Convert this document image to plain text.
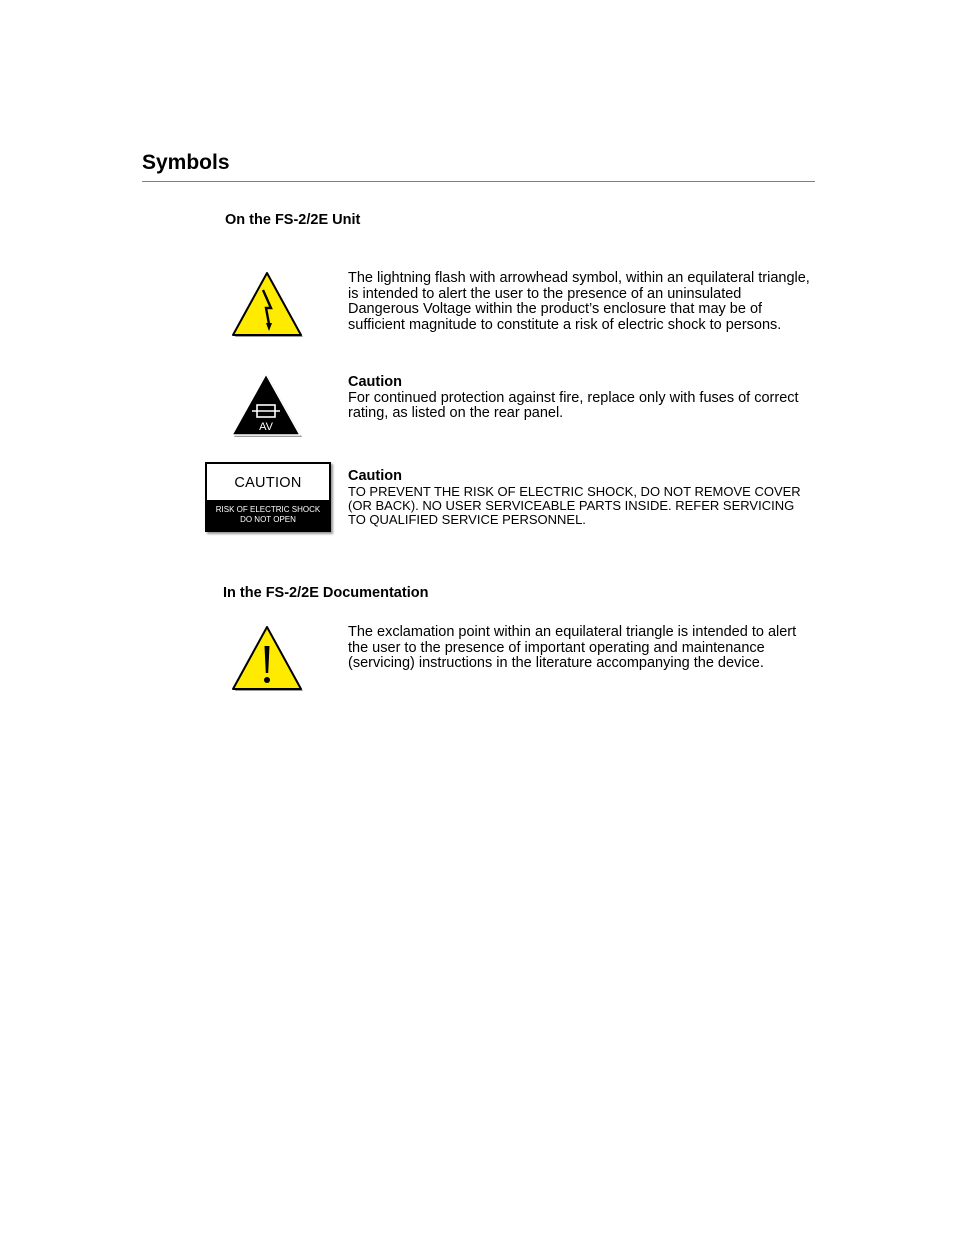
Symbols
On the FS-2/2E Unit

The lightning flash with arrowhead symbol, within an equilateral triangle, is intended to alert the user to the presence of an uninsulated Dangerous Voltage within the product’s enclosure that may be of sufficient magnitude to constitute a risk of electric shock to persons.

AV

Caution
For continued protection against fire, replace only with fuses of correct rating, as listed on the rear panel.

CAUTION
RISK OF ELECTRIC SHOCK
DO NOT OPEN

Caution
TO PREVENT THE RISK OF ELECTRIC SHOCK, DO NOT REMOVE COVER (OR BACK). NO USER SERVICEABLE PARTS INSIDE. REFER SERVICING TO QUALIFIED SERVICE PERSONNEL.

In the FS-2/2E Documentation

The exclamation point within an equilateral triangle is intended to alert the user to the presence of important operating and maintenance (servicing) instructions in the literature accompanying the device.
